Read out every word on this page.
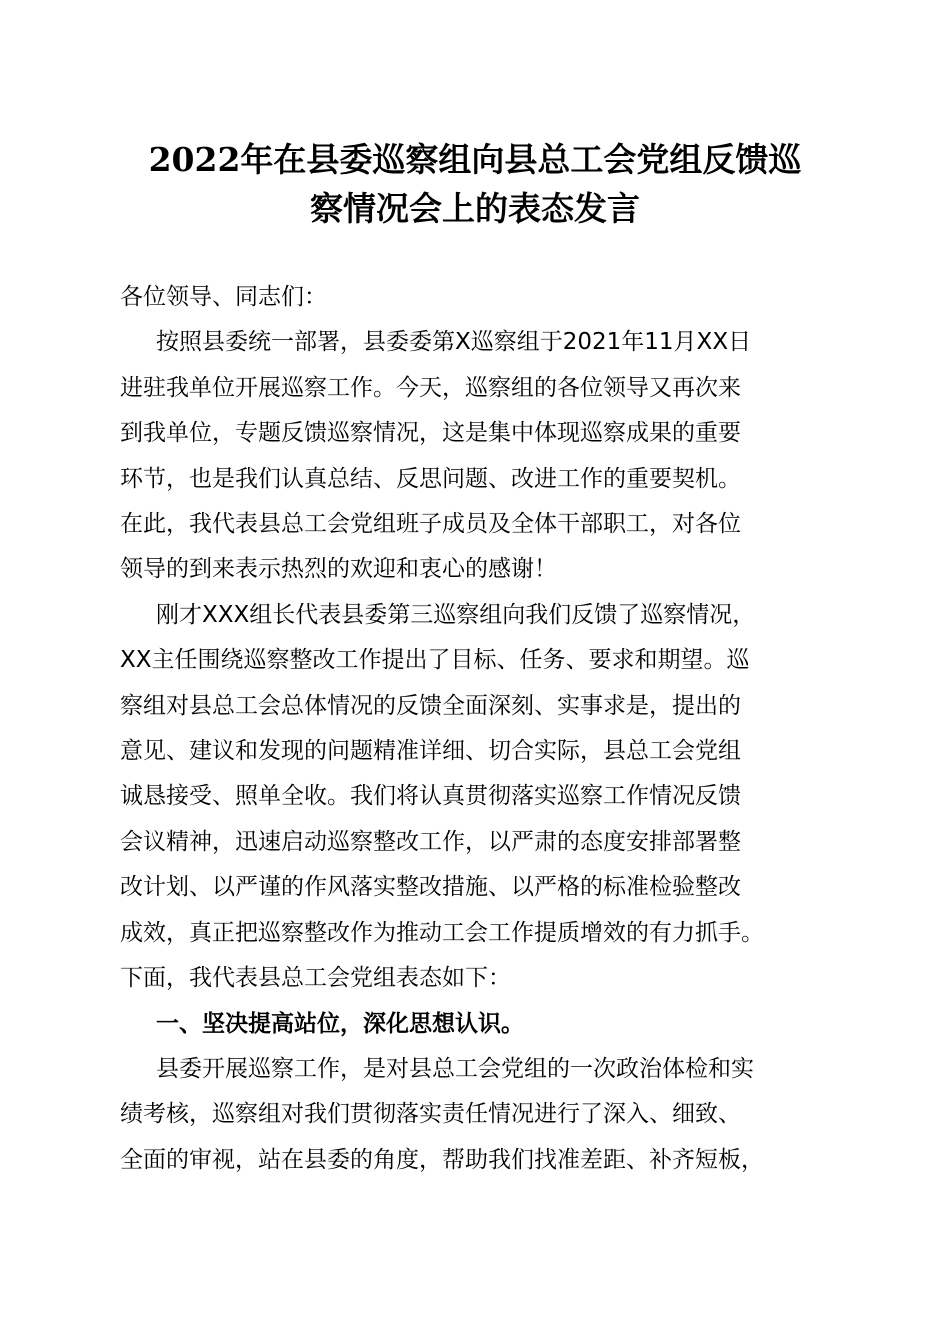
2022年在县委巡察组向县总工会党组反馈巡
察情况会上的表态发言

各位领导、同志们：

按照县委统一部署，县委委第X巡察组于2021年11月XX日

进驻我单位开展巡察工作。今天，巡察组的各位领导又再次来

到我单位，专题反馈巡察情况，这是集中体现巡察成果的重要

环节，也是我们认真总结、反思问题、改进工作的重要契机。

在此，我代表县总工会党组班子成员及全体干部职工，对各位

领导的到来表示热烈的欢迎和衷心的感谢！

刚才XXX组长代表县委第三巡察组向我们反馈了巡察情况，

XX主任围绕巡察整改工作提出了目标、任务、要求和期望。巡

察组对县总工会总体情况的反馈全面深刻、实事求是，提出的

意见、建议和发现的问题精准详细、切合实际，县总工会党组

诚恳接受、照单全收。我们将认真贯彻落实巡察工作情况反馈

会议精神，迅速启动巡察整改工作，以严肃的态度安排部署整

改计划、以严谨的作风落实整改措施、以严格的标准检验整改

成效，真正把巡察整改作为推动工会工作提质增效的有力抓手。

下面，我代表县总工会党组表态如下：

一、坚决提高站位，深化思想认识。

县委开展巡察工作，是对县总工会党组的一次政治体检和实

绩考核，巡察组对我们贯彻落实责任情况进行了深入、细致、

全面的审视，站在县委的角度，帮助我们找准差距、补齐短板，
